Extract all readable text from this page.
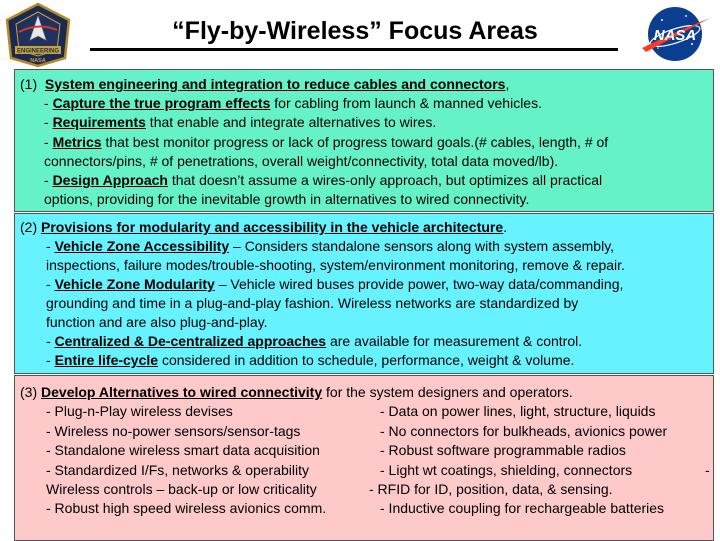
ENGINEERING
NASA
“Fly-by-Wireless” Focus Areas	NASA
(1) System engineering and integration to reduce cables and connectors,
- Capture the true program effects for cabling from launch & manned vehicles.
- Requirements that enable and integrate alternatives to wires.
- Metrics that best monitor progress or lack of progress toward goals.(# cables, length, # of
connectors/pins, # of penetrations, overall weight/connectivity, total data moved/lb).
- Design Approach that doesn’t assume a wires-only approach, but optimizes all practical
options, providing for the inevitable growth in alternatives to wired connectivity.
(2) Provisions for modularity and accessibility in the vehicle architecture.
- Vehicle Zone Accessibility – Considers standalone sensors along with system assembly,
inspections, failure modes/trouble-shooting, system/environment monitoring, remove & repair.
- Vehicle Zone Modularity – Vehicle wired buses provide power, two-way data/commanding,
grounding and time in a plug-and-play fashion. Wireless networks are standardized by
function and are also plug-and-play.
- Centralized & De-centralized approaches are available for measurement & control.
- Entire life-cycle considered in addition to schedule, performance, weight & volume.
(3) Develop Alternatives to wired connectivity for the system designers and operators.
- Plug-n-Play wireless devises
- Wireless no-power sensors/sensor-tags
- Standalone wireless smart data acquisition
- Standardized I/Fs, networks & operability
Wireless controls – back-up or low criticality
- Robust high speed wireless avionics comm.
- Data on power lines, light, structure, liquids
- No connectors for bulkheads, avionics power
- Robust software programmable radios
- Light wt coatings, shielding, connectors
- RFID for ID, position, data, & sensing.
- Inductive coupling for rechargeable batteries
-
